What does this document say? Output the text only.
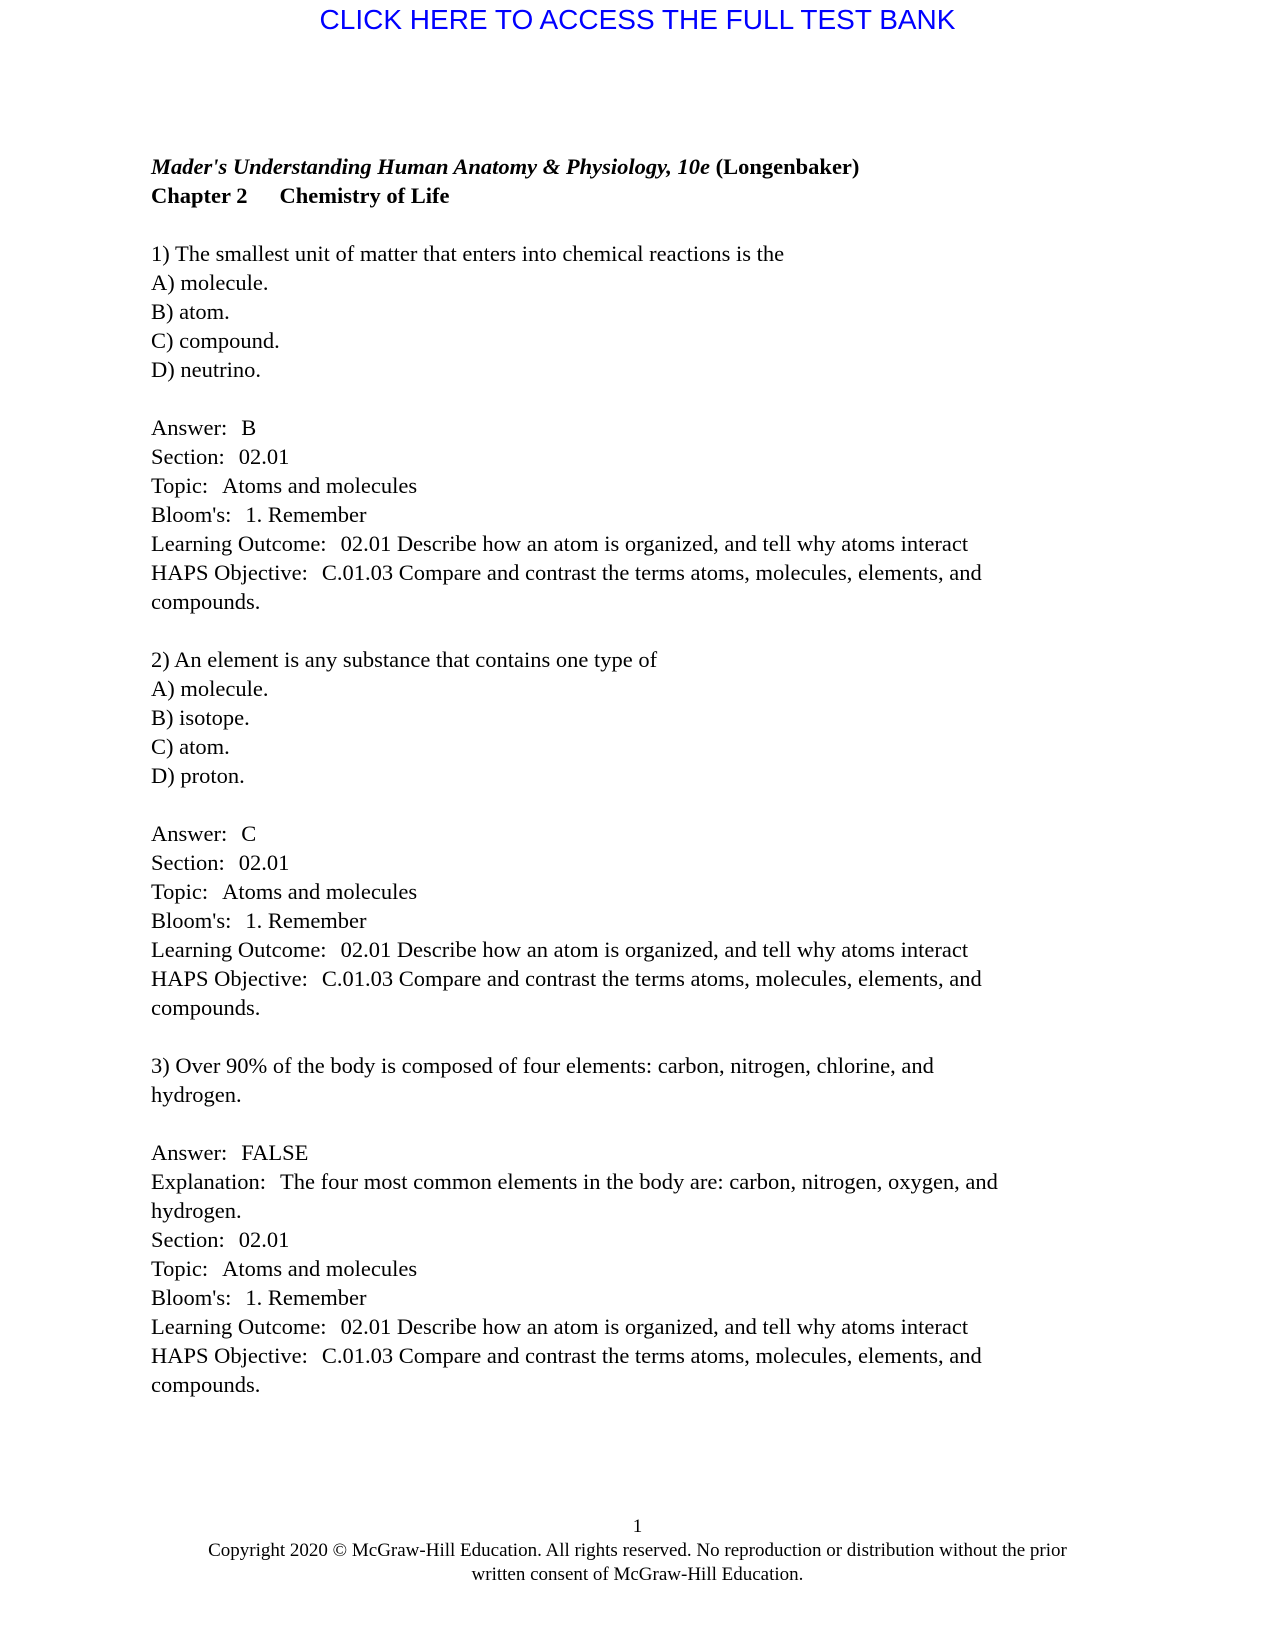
CLICK HERE TO ACCESS THE FULL TEST BANK
Mader's Understanding Human Anatomy & Physiology, 10e (Longenbaker)
Chapter 2 Chemistry of Life
1) The smallest unit of matter that enters into chemical reactions is the
A) molecule.
B) atom.
C) compound.
D) neutrino.
Answer: B
Section: 02.01
Topic: Atoms and molecules
Bloom's: 1. Remember
Learning Outcome: 02.01 Describe how an atom is organized, and tell why atoms interact
HAPS Objective: C.01.03 Compare and contrast the terms atoms, molecules, elements, and
compounds.
2) An element is any substance that contains one type of
A) molecule.
B) isotope.
C) atom.
D) proton.
Answer: C
Section: 02.01
Topic: Atoms and molecules
Bloom's: 1. Remember
Learning Outcome: 02.01 Describe how an atom is organized, and tell why atoms interact
HAPS Objective: C.01.03 Compare and contrast the terms atoms, molecules, elements, and
compounds.
3) Over 90% of the body is composed of four elements: carbon, nitrogen, chlorine, and
hydrogen.
Answer: FALSE
Explanation: The four most common elements in the body are: carbon, nitrogen, oxygen, and
hydrogen.
Section: 02.01
Topic: Atoms and molecules
Bloom's: 1. Remember
Learning Outcome: 02.01 Describe how an atom is organized, and tell why atoms interact
HAPS Objective: C.01.03 Compare and contrast the terms atoms, molecules, elements, and
compounds.
1
Copyright 2020 © McGraw-Hill Education. All rights reserved. No reproduction or distribution without the prior
written consent of McGraw-Hill Education.
